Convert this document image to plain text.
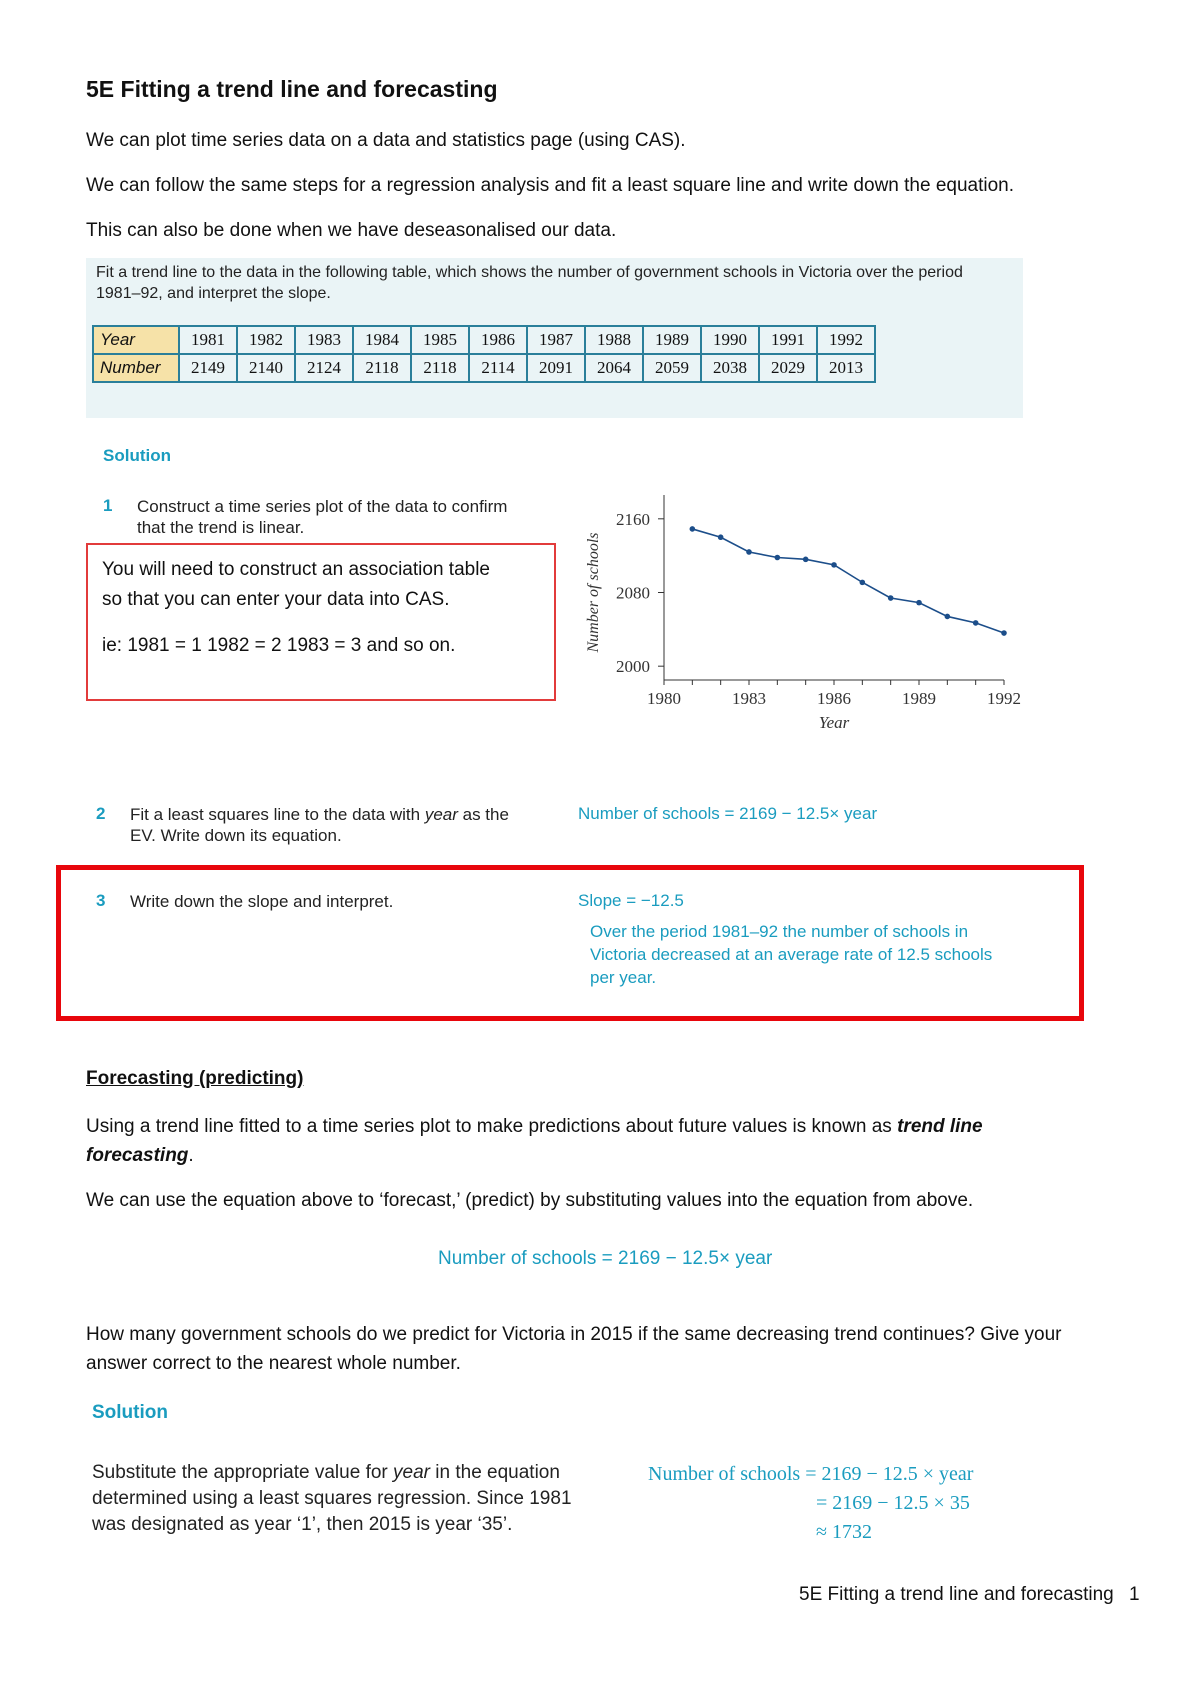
5E Fitting a trend line and forecasting
We can plot time series data on a data and statistics page (using CAS).
We can follow the same steps for a regression analysis and fit a least square line and write down the equation.
This can also be done when we have deseasonalised our data.
Fit a trend line to the data in the following table, which shows the number of government schools in Victoria over the period 1981–92, and interpret the slope.
Year	1981	1982	1983	1984	1985	1986	1987	1988	1989	1990	1991	1992
Number	2149	2140	2124	2118	2118	2114	2091	2064	2059	2038	2029	2013
Solution
1 Construct a time series plot of the data to confirm
that the trend is linear.
You will need to construct an association table
so that you can enter your data into CAS.
ie: 1981 = 1 1982 = 2 1983 = 3 and so on.
1980	1983	1986	1989	1992
2160
2080
2000
Year
Number of schools
2 Fit a least squares line to the data with year as the
EV. Write down its equation.
Number of schools = 2169 − 12.5× year
3 Write down the slope and interpret.	Slope = −12.5
Over the period 1981–92 the number of schools in
Victoria decreased at an average rate of 12.5 schools
per year.
Forecasting (predicting)
Using a trend line fitted to a time series plot to make predictions about future values is known as trend line
forecasting.
We can use the equation above to ‘forecast,’ (predict) by substituting values into the equation from above.
Number of schools = 2169 − 12.5× year
How many government schools do we predict for Victoria in 2015 if the same decreasing trend continues? Give your
answer correct to the nearest whole number.
Solution
Substitute the appropriate value for year in the equation
determined using a least squares regression. Since 1981
was designated as year ‘1’, then 2015 is year ‘35’.
Number of schools = 2169 − 12.5 × year
= 2169 − 12.5 × 35
≈ 1732
5E Fitting a trend line and forecasting 1
